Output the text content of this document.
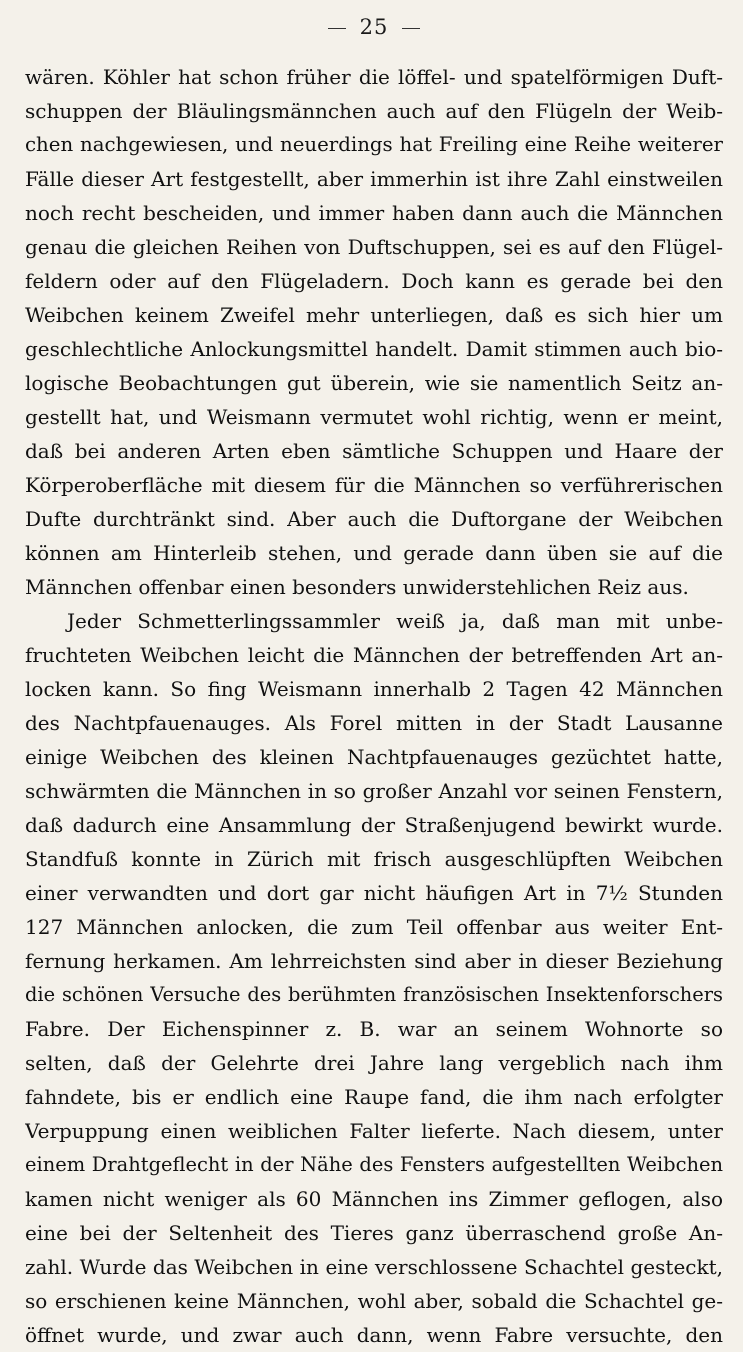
25
wären. Köhler hat schon früher die löffel- und spatelförmigen Duft-
schuppen der Bläulingsmännchen auch auf den Flügeln der Weib-
chen nachgewiesen, und neuerdings hat Freiling eine Reihe weiterer
Fälle dieser Art festgestellt, aber immerhin ist ihre Zahl einstweilen
noch recht bescheiden, und immer haben dann auch die Männchen
genau die gleichen Reihen von Duftschuppen, sei es auf den Flügel-
feldern oder auf den Flügeladern. Doch kann es gerade bei den
Weibchen keinem Zweifel mehr unterliegen, daß es sich hier um
geschlechtliche Anlockungsmittel handelt. Damit stimmen auch bio-
logische Beobachtungen gut überein, wie sie namentlich Seitz an-
gestellt hat, und Weismann vermutet wohl richtig, wenn er meint,
daß bei anderen Arten eben sämtliche Schuppen und Haare der
Körperoberfläche mit diesem für die Männchen so verführerischen
Dufte durchtränkt sind. Aber auch die Duftorgane der Weibchen
können am Hinterleib stehen, und gerade dann üben sie auf die
Männchen offenbar einen besonders unwiderstehlichen Reiz aus.
Jeder Schmetterlingssammler weiß ja, daß man mit unbe-
fruchteten Weibchen leicht die Männchen der betreffenden Art an-
locken kann. So fing Weismann innerhalb 2 Tagen 42 Männchen
des Nachtpfauenauges. Als Forel mitten in der Stadt Lausanne
einige Weibchen des kleinen Nachtpfauenauges gezüchtet hatte,
schwärmten die Männchen in so großer Anzahl vor seinen Fenstern,
daß dadurch eine Ansammlung der Straßenjugend bewirkt wurde.
Standfuß konnte in Zürich mit frisch ausgeschlüpften Weibchen
einer verwandten und dort gar nicht häufigen Art in 7½ Stunden
127 Männchen anlocken, die zum Teil offenbar aus weiter Ent-
fernung herkamen. Am lehrreichsten sind aber in dieser Beziehung
die schönen Versuche des berühmten französischen Insektenforschers
Fabre. Der Eichenspinner z. B. war an seinem Wohnorte so
selten, daß der Gelehrte drei Jahre lang vergeblich nach ihm
fahndete, bis er endlich eine Raupe fand, die ihm nach erfolgter
Verpuppung einen weiblichen Falter lieferte. Nach diesem, unter
einem Drahtgeflecht in der Nähe des Fensters aufgestellten Weibchen
kamen nicht weniger als 60 Männchen ins Zimmer geflogen, also
eine bei der Seltenheit des Tieres ganz überraschend große An-
zahl. Wurde das Weibchen in eine verschlossene Schachtel gesteckt,
so erschienen keine Männchen, wohl aber, sobald die Schachtel ge-
öffnet wurde, und zwar auch dann, wenn Fabre versuchte, den
